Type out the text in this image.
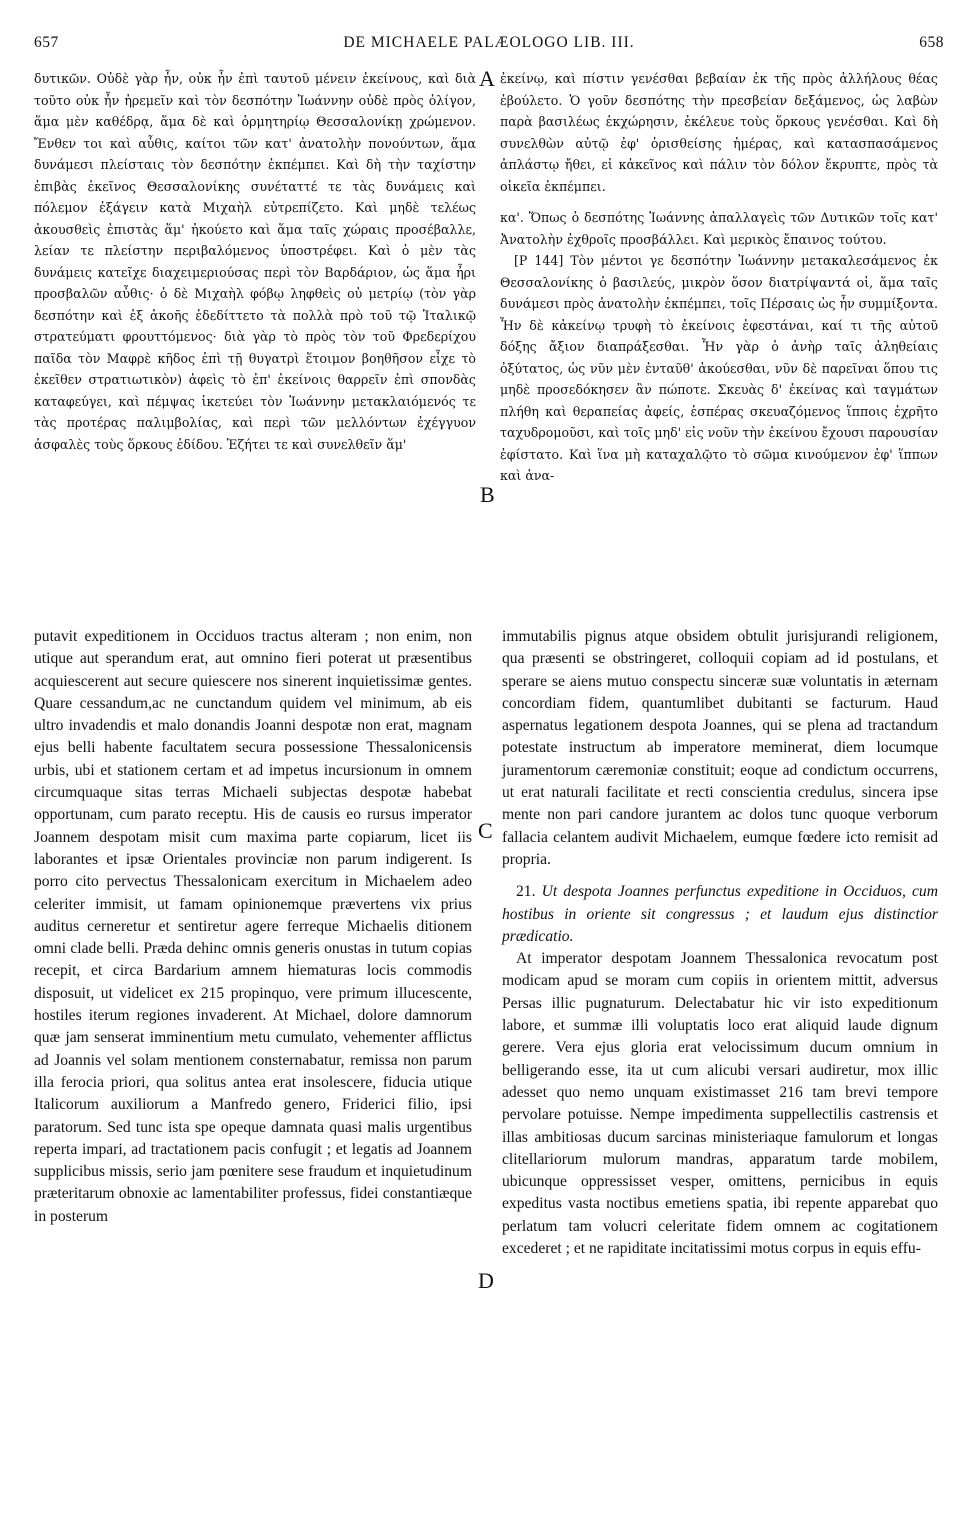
657	DE MICHAELE PALÆOLOGO LIB. III.	658
A
B
C
D

δυτικῶν. Οὐδὲ γὰρ ἦν, οὐκ ἦν ἐπὶ ταυτοῦ μένειν ἐκείνους, καὶ διὰ τοῦτο οὐκ ἦν ἠρεμεῖν καὶ τὸν δεσπότην Ἰωάννην οὐδὲ πρὸς ὀλίγον, ἅμα μὲν καθέδρᾳ, ἅμα δὲ καὶ ὁρμητηρίῳ Θεσσαλονίκῃ χρώμενον. Ἔνθεν τοι καὶ αὖθις, καίτοι τῶν κατ' ἀνατολὴν πονούντων, ἅμα δυνάμεσι πλείσταις τὸν δεσπότην ἐκπέμπει. Καὶ δὴ τὴν ταχίστην ἐπιβὰς ἐκεῖνος Θεσσαλονίκης συνέταττέ τε τὰς δυνάμεις καὶ πόλεμον ἐξάγειν κατὰ Μιχαὴλ εὐτρεπίζετο. Καὶ μηδὲ τελέως ἀκουσθεὶς ἐπιστὰς ἅμ' ἠκούετο καὶ ἅμα ταῖς χώραις προσέβαλλε, λείαν τε πλείστην περιβαλόμενος ὑποστρέφει. Καὶ ὁ μὲν τὰς δυνάμεις κατεῖχε διαχειμεριούσας περὶ τὸν Βαρδάριον, ὡς ἅμα ἦρι προσβαλῶν αὖθις· ὁ δὲ Μιχαὴλ φόβῳ ληφθεὶς οὐ μετρίῳ (τὸν γὰρ δεσπότην καὶ ἐξ ἀκοῆς ἐδεδίττετο τὰ πολλὰ πρὸ τοῦ τῷ Ἰταλικῷ στρατεύματι φρουττόμενος· διὰ γὰρ τὸ πρὸς τὸν τοῦ Φρεδερίχου παῖδα τὸν Μαφρὲ κῆδος ἐπὶ τῇ θυγατρὶ ἕτοιμον βοηθῆσον εἶχε τὸ ἐκεῖθεν στρατιωτικὸν) ἀφεὶς τὸ ἐπ' ἐκείνοις θαρρεῖν ἐπὶ σπονδὰς καταφεύγει, καὶ πέμψας ἱκετεύει τὸν Ἰωάννην μετακλαιόμενός τε τὰς προτέρας παλιμβολίας, καὶ περὶ τῶν μελλόντων ἐχέγγυον ἀσφαλὲς τοὺς ὅρκους ἐδίδου. Ἐζήτει τε καὶ συνελθεῖν ἅμ'

ἐκείνῳ, καὶ πίστιν γενέσθαι βεβαίαν ἐκ τῆς πρὸς ἀλλήλους θέας ἐβούλετο. Ὁ γοῦν δεσπότης τὴν πρεσβείαν δεξάμενος, ὡς λαβὼν παρὰ βασιλέως ἐκχώρησιν, ἐκέλευε τοὺς ὅρκους γενέσθαι. Καὶ δὴ συνελθὼν αὐτῷ ἐφ' ὁρισθείσης ἡμέρας, καὶ κατασπασάμενος ἀπλάστῳ ἤθει, εἰ κἀκεῖνος καὶ πάλιν τὸν δόλον ἔκρυπτε, πρὸς τὰ οἰκεῖα ἐκπέμπει.

κα'. Ὅπως ὁ δεσπότης Ἰωάννης ἀπαλλαγεὶς τῶν Δυτικῶν τοῖς κατ' Ἀνατολὴν ἐχθροῖς προσβάλλει. Καὶ μερικὸς ἔπαινος τούτου.

[P 144] Τὸν μέντοι γε δεσπότην Ἰωάννην μετακαλεσάμενος ἐκ Θεσσαλονίκης ὁ βασιλεύς, μικρὸν ὅσον διατρίψαντά οἱ, ἅμα ταῖς δυνάμεσι πρὸς ἀνατολὴν ἐκπέμπει, τοῖς Πέρσαις ὡς ἦν συμμίξοντα. Ἦν δὲ κἀκείνῳ τρυφὴ τὸ ἐκείνοις ἐφεστάναι, καί τι τῆς αὐτοῦ δόξης ἄξιον διαπράξεσθαι. Ἦν γὰρ ὁ ἀνὴρ ταῖς ἀληθείαις ὀξύτατος, ὡς νῦν μὲν ἐνταῦθ' ἀκούεσθαι, νῦν δὲ παρεῖναι ὅπου τις μηδὲ προσεδόκησεν ἂν πώποτε. Σκευὰς δ' ἐκείνας καὶ ταγμάτων πλήθη καὶ θεραπείας ἀφείς, ἑσπέρας σκευαζόμενος ἵπποις ἐχρῆτο ταχυδρομοῦσι, καὶ τοῖς μηδ' εἰς νοῦν τὴν ἐκείνου ἔχουσι παρουσίαν ἐφίστατο. Καὶ ἵνα μὴ καταχαλῷτο τὸ σῶμα κινούμενον ἐφ' ἵππων καὶ ἀνα-

putavit expeditionem in Occiduos tractus alteram ; non enim, non utique aut sperandum erat, aut omnino fieri poterat ut præsentibus acquiescerent aut secure quiescere nos sinerent inquietissimæ gentes. Quare cessandum,ac ne cunctandum quidem vel minimum, ab eis ultro invadendis et malo donandis Joanni despotæ non erat, magnam ejus belli habente facultatem secura possessione Thessalonicensis urbis, ubi et stationem certam et ad impetus incursionum in omnem circumquaque sitas terras Michaeli subjectas despotæ habebat opportunam, cum parato receptu. His de causis eo rursus imperator Joannem despotam misit cum maxima parte copiarum, licet iis laborantes et ipsæ Orientales provinciæ non parum indigerent. Is porro cito pervectus Thessalonicam exercitum in Michaelem adeo celeriter immisit, ut famam opinionemque prævertens vix prius auditus cerneretur et sentiretur agere ferreque Michaelis ditionem omni clade belli. Præda dehinc omnis generis onustas in tutum copias recepit, et circa Bardarium amnem hiematuras locis commodis disposuit, ut videlicet ex 215 propinquo, vere primum illucescente, hostiles iterum regiones invaderent. At Michael, dolore damnorum quæ jam senserat imminentium metu cumulato, vehementer afflictus ad Joannis vel solam mentionem consternabatur, remissa non parum illa ferocia priori, qua solitus antea erat insolescere, fiducia utique Italicorum auxiliorum a Manfredo genero, Friderici filio, ipsi paratorum. Sed tunc ista spe opeque damnata quasi malis urgentibus reperta impari, ad tractationem pacis confugit ; et legatis ad Joannem supplicibus missis, serio jam pœnitere sese fraudum et inquietudinum præteritarum obnoxie ac lamentabiliter professus, fidei constantiæque in posterum

immutabilis pignus atque obsidem obtulit jurisjurandi religionem, qua præsenti se obstringeret, colloquii copiam ad id postulans, et sperare se aiens mutuo conspectu sinceræ suæ voluntatis in æternam concordiam fidem, quantumlibet dubitanti se facturum. Haud aspernatus legationem despota Joannes, qui se plena ad tractandum potestate instructum ab imperatore meminerat, diem locumque juramentorum cæremoniæ constituit; eoque ad condictum occurrens, ut erat naturali facilitate et recti conscientia credulus, sincera ipse mente non pari candore jurantem ac dolos tunc quoque verborum fallacia celantem audivit Michaelem, eumque fœdere icto remisit ad propria.

21. Ut despota Joannes perfunctus expeditione in Occiduos, cum hostibus in oriente sit congressus ; et laudum ejus distinctior prædicatio.

At imperator despotam Joannem Thessalonica revocatum post modicam apud se moram cum copiis in orientem mittit, adversus Persas illic pugnaturum. Delectabatur hic vir isto expeditionum labore, et summæ illi voluptatis loco erat aliquid laude dignum gerere. Vera ejus gloria erat velocissimum ducum omnium in belligerando esse, ita ut cum alicubi versari audiretur, mox illic adesset quo nemo unquam existimasset 216 tam brevi tempore pervolare potuisse. Nempe impedimenta suppellectilis castrensis et illas ambitiosas ducum sarcinas ministeriaque famulorum et longas clitellariorum mulorum mandras, apparatum tarde mobilem, ubicunque oppressisset vesper, omittens, pernicibus in equis expeditus vasta noctibus emetiens spatia, ibi repente apparebat quo perlatum tam volucri celeritate fidem omnem ac cogitationem excederet ; et ne rapiditate incitatissimi motus corpus in equis effu-
